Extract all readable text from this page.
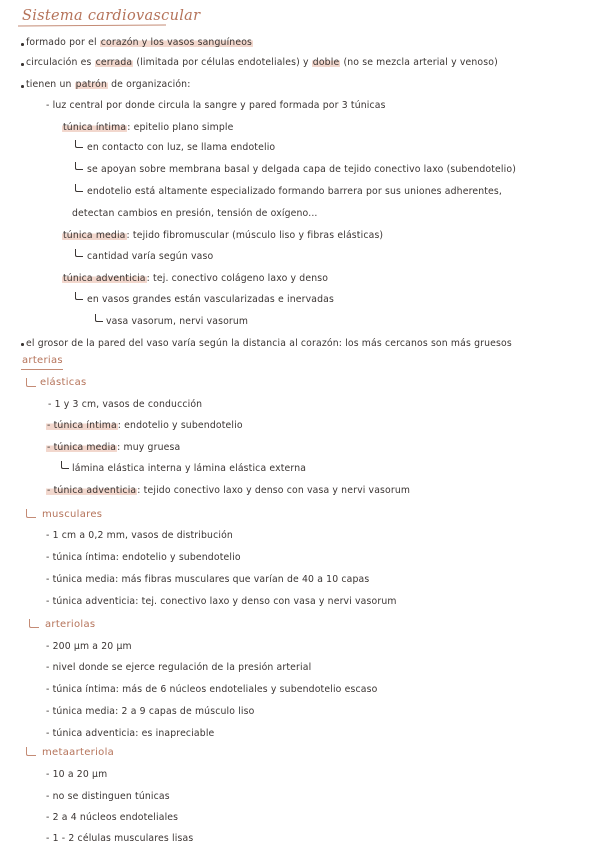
Sistema cardiovascular
formado por el corazón y los vasos sanguíneos
circulación es cerrada (limitada por células endoteliales) y doble (no se mezcla arterial y venoso)
tienen un patrón de organización:
- luz central por donde circula la sangre y pared formada por 3 túnicas
túnica íntima: epitelio plano simple
en contacto con luz, se llama endotelio
se apoyan sobre membrana basal y delgada capa de tejido conectivo laxo (subendotelio)
endotelio está altamente especializado formando barrera por sus uniones adherentes,
detectan cambios en presión, tensión de oxígeno...
túnica media: tejido fibromuscular (músculo liso y fibras elásticas)
cantidad varía según vaso
túnica adventicia: tej. conectivo colágeno laxo y denso
en vasos grandes están vascularizadas e inervadas
vasa vasorum, nervi vasorum
el grosor de la pared del vaso varía según la distancia al corazón: los más cercanos son más gruesos
arterias
elásticas
- 1 y 3 cm, vasos de conducción
- túnica íntima: endotelio y subendotelio
- túnica media: muy gruesa
lámina elástica interna y lámina elástica externa
- túnica adventicia: tejido conectivo laxo y denso con vasa y nervi vasorum
musculares
- 1 cm a 0,2 mm, vasos de distribución
- túnica íntima: endotelio y subendotelio
- túnica media: más fibras musculares que varían de 40 a 10 capas
- túnica adventicia: tej. conectivo laxo y denso con vasa y nervi vasorum
arteriolas
- 200 µm a 20 µm
- nivel donde se ejerce regulación de la presión arterial
- túnica íntima: más de 6 núcleos endoteliales y subendotelio escaso
- túnica media: 2 a 9 capas de músculo liso
- túnica adventicia: es inapreciable
metaarteriola
- 10 a 20 µm
- no se distinguen túnicas
- 2 a 4 núcleos endoteliales
- 1 - 2 células musculares lisas
